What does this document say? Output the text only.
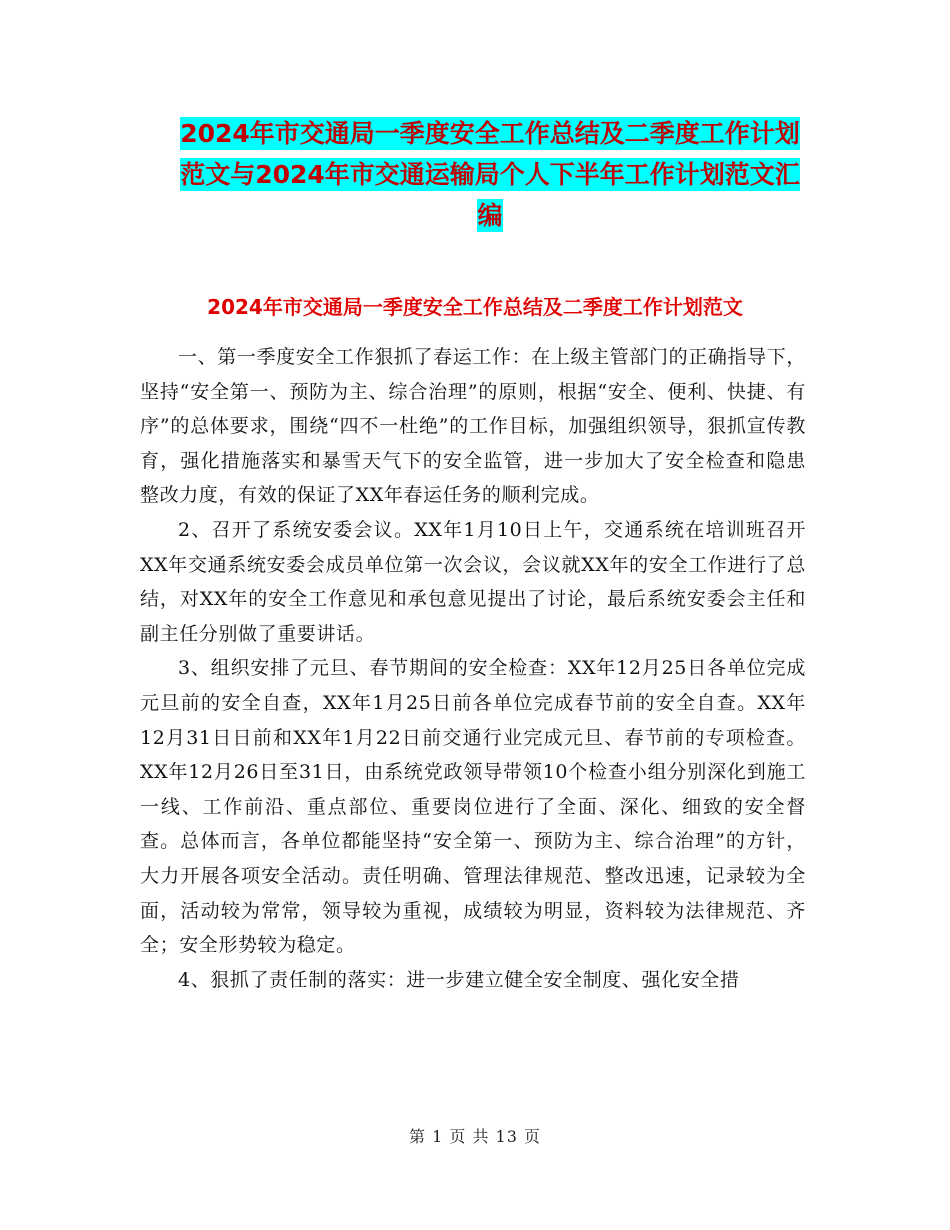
2024年市交通局一季度安全工作总结及二季度工作计划范文与2024年市交通运输局个人下半年工作计划范文汇编
2024年市交通局一季度安全工作总结及二季度工作计划范文

一、第一季度安全工作狠抓了春运工作：在上级主管部门的正确指导下，坚持“安全第一、预防为主、综合治理”的原则，根据“安全、便利、快捷、有序”的总体要求，围绕“四不一杜绝”的工作目标，加强组织领导，狠抓宣传教育，强化措施落实和暴雪天气下的安全监管，进一步加大了安全检查和隐患整改力度，有效的保证了XX年春运任务的顺利完成。

2、召开了系统安委会议。XX年1月10日上午，交通系统在培训班召开XX年交通系统安委会成员单位第一次会议，会议就XX年的安全工作进行了总结，对XX年的安全工作意见和承包意见提出了讨论，最后系统安委会主任和副主任分别做了重要讲话。

3、组织安排了元旦、春节期间的安全检查：XX年12月25日各单位完成元旦前的安全自查，XX年1月25日前各单位完成春节前的安全自查。XX年12月31日日前和XX年1月22日前交通行业完成元旦、春节前的专项检查。XX年12月26日至31日，由系统党政领导带领10个检查小组分别深化到施工一线、工作前沿、重点部位、重要岗位进行了全面、深化、细致的安全督查。总体而言，各单位都能坚持“安全第一、预防为主、综合治理”的方针，大力开展各项安全活动。责任明确、管理法律规范、整改迅速，记录较为全面，活动较为常常，领导较为重视，成绩较为明显，资料较为法律规范、齐全；安全形势较为稳定。

4、狠抓了责任制的落实：进一步建立健全安全制度、强化安全措

第 1 页 共 13 页
